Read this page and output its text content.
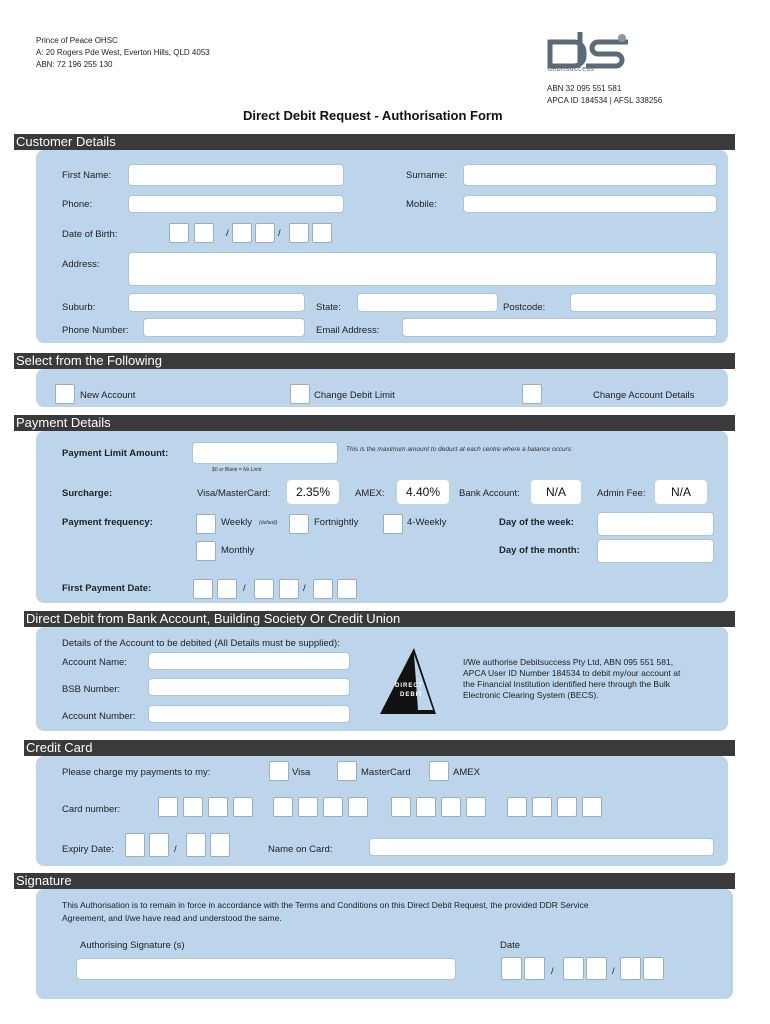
Prince of Peace OHSC
A: 20 Rogers Pde West, Everton Hills, QLD 4053
ABN: 72 196 255 130
debitsuccess
ABN 32 095 551 581
APCA ID 184534 | AFSL 338256
Direct Debit Request - Authorisation Form
Customer Details
First Name:	Surname:
Phone:	Mobile:
Date of Birth:	/	/
Address:
Suburb:	State:	Postcode:
Phone Number:	Email Address:
Select from the Following
New Account	Change Debit Limit	Change Account Details
Payment Details
Payment Limit Amount:	This is the maximum amount to deduct at each centre where a balance occurs
$0 or Blank = No Limit
Surcharge:	Visa/MasterCard:	2.35%	AMEX:	4.40%	Bank Account:	N/A	Admin Fee:	N/A
Payment frequency:	Weekly (default)	Fortnightly	4-Weekly	Day of the week:
Monthly	Day of the month:
First Payment Date:	/	/
Direct Debit from Bank Account, Building Society Or Credit Union
Details of the Account to be debited (All Details must be supplied):
Account Name:
BSB Number:
Account Number:
DIRECT
DEBIT
I/We authorise Debitsuccess Pty Ltd, ABN 095 551 581,
APCA User ID Number 184534 to debit my/our account at
the Financial Institution identified here through the Bulk
Electronic Clearing System (BECS).
Credit Card
Please charge my payments to my:	Visa	MasterCard	AMEX
Card number:
Expiry Date:	/	Name on Card:
Signature
This Authorisation is to remain in force in accordance with the Terms and Conditions on this Direct Debit Request, the provided DDR Service
Agreement, and I/we have read and understood the same.
Authorising Signature (s)	Date
/	/
